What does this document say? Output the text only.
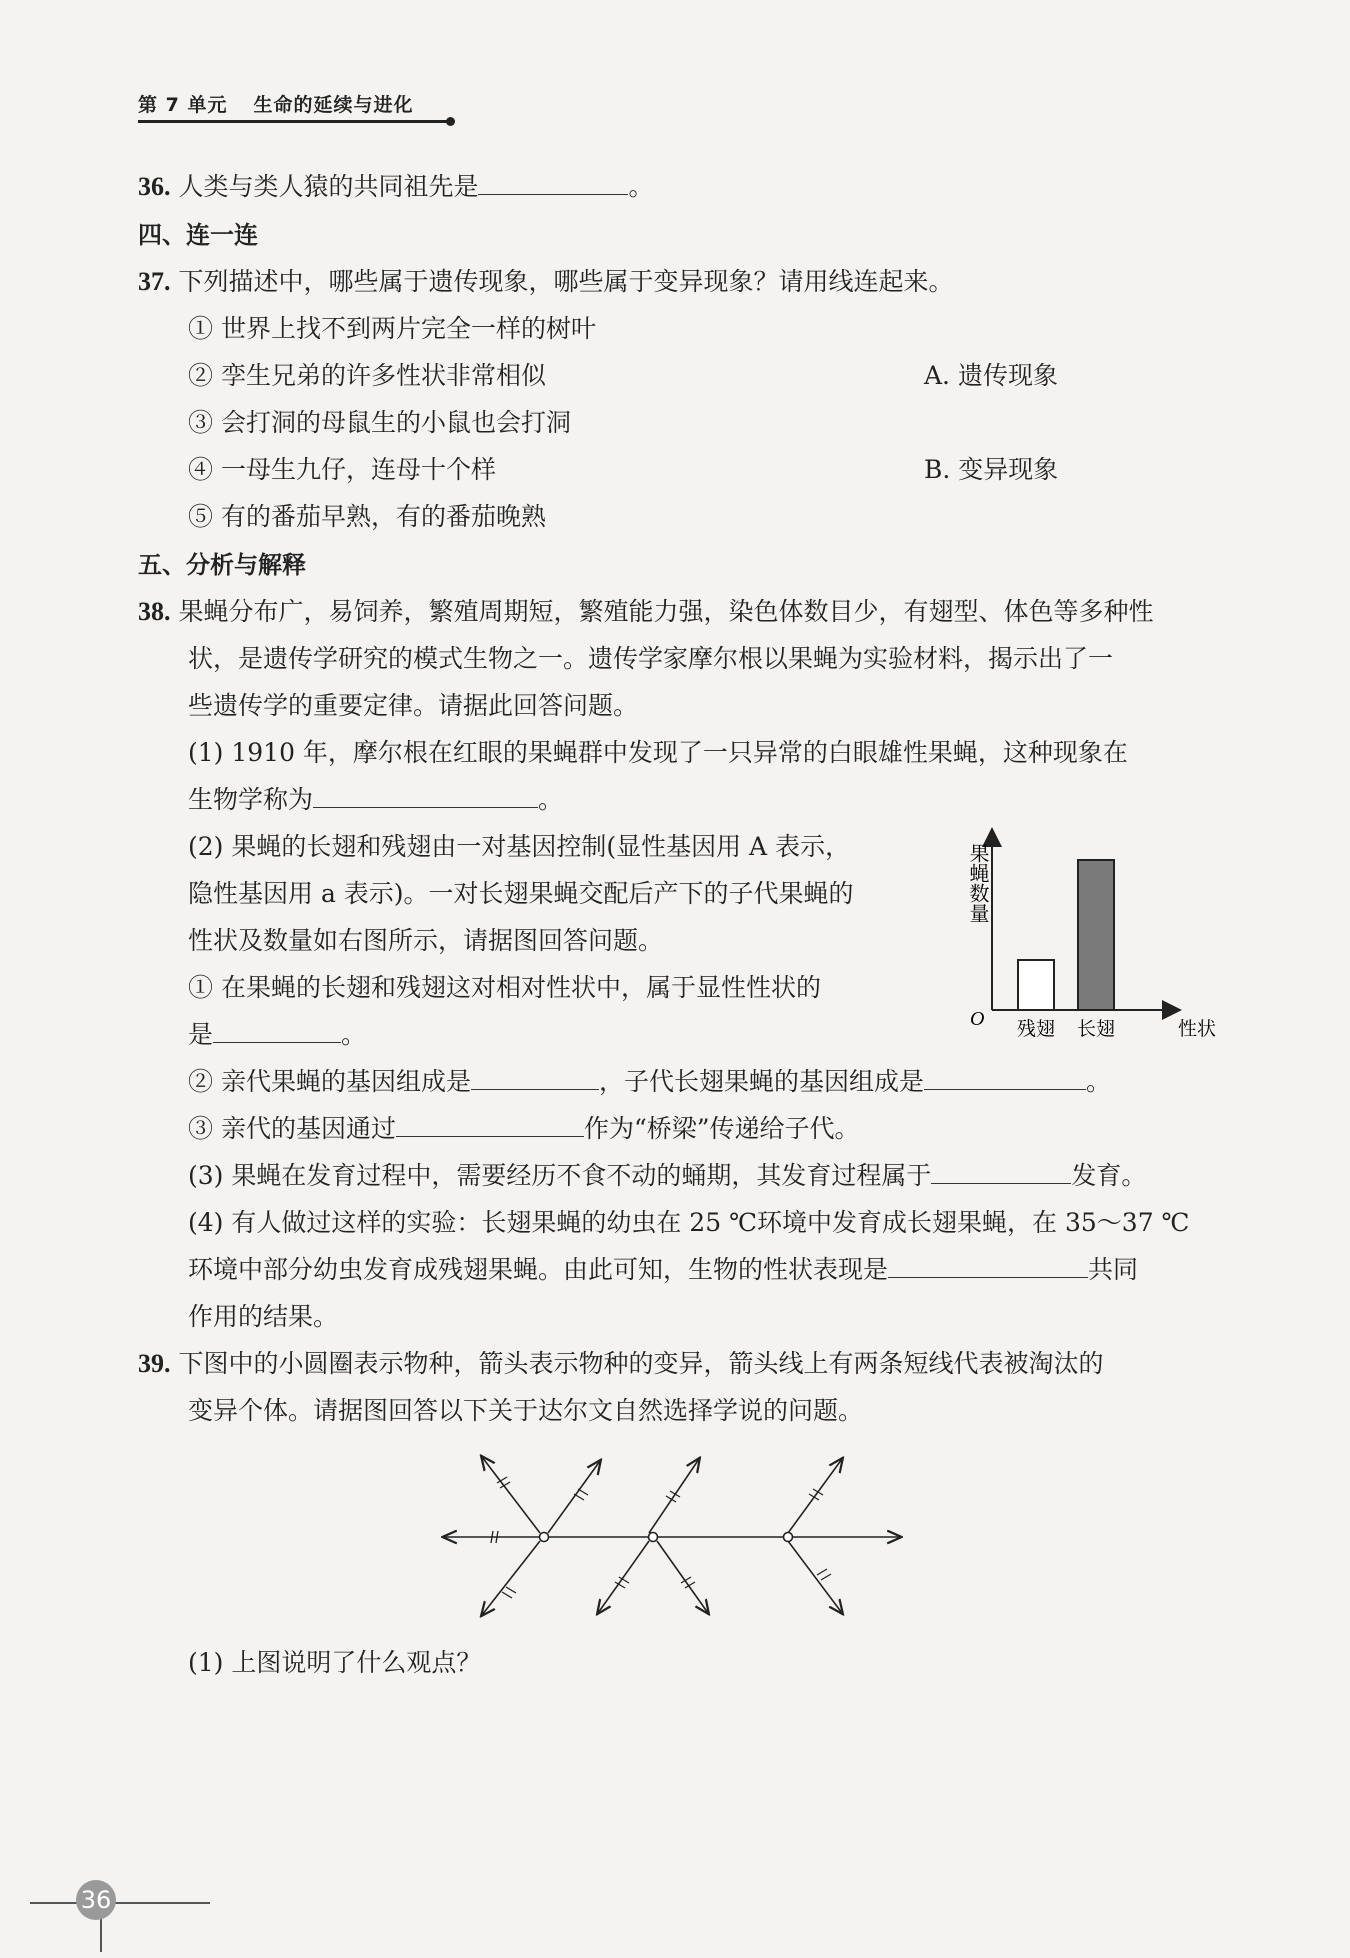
第 7 单元 生命的延续与进化
36. 人类与类人猿的共同祖先是	。
四、连一连
37. 下列描述中，哪些属于遗传现象，哪些属于变异现象？请用线连起来。
① 世界上找不到两片完全一样的树叶
② 孪生兄弟的许多性状非常相似
③ 会打洞的母鼠生的小鼠也会打洞
④ 一母生九仔，连母十个样
⑤ 有的番茄早熟，有的番茄晚熟
A. 遗传现象
B. 变异现象
五、分析与解释
38. 果蝇分布广，易饲养，繁殖周期短，繁殖能力强，染色体数目少，有翅型、体色等多种性
状，是遗传学研究的模式生物之一。遗传学家摩尔根以果蝇为实验材料，揭示出了一
些遗传学的重要定律。请据此回答问题。
(1) 1910 年，摩尔根在红眼的果蝇群中发现了一只异常的白眼雄性果蝇，这种现象在
生物学称为	。
(2) 果蝇的长翅和残翅由一对基因控制(显性基因用 A 表示，
隐性基因用 a 表示)。一对长翅果蝇交配后产下的子代果蝇的
性状及数量如右图所示，请据图回答问题。
① 在果蝇的长翅和残翅这对相对性状中，属于显性性状的
是	。
果蝇数量
O 残翅 长翅	性状
② 亲代果蝇的基因组成是	，子代长翅果蝇的基因组成是	。
③ 亲代的基因通过	作为“桥梁”传递给子代。
(3) 果蝇在发育过程中，需要经历不食不动的蛹期，其发育过程属于	发育。
(4) 有人做过这样的实验：长翅果蝇的幼虫在 25 ℃环境中发育成长翅果蝇，在 35～37 ℃
环境中部分幼虫发育成残翅果蝇。由此可知，生物的性状表现是	共同
作用的结果。
39. 下图中的小圆圈表示物种，箭头表示物种的变异，箭头线上有两条短线代表被淘汰的
变异个体。请据图回答以下关于达尔文自然选择学说的问题。
(1) 上图说明了什么观点？
36
